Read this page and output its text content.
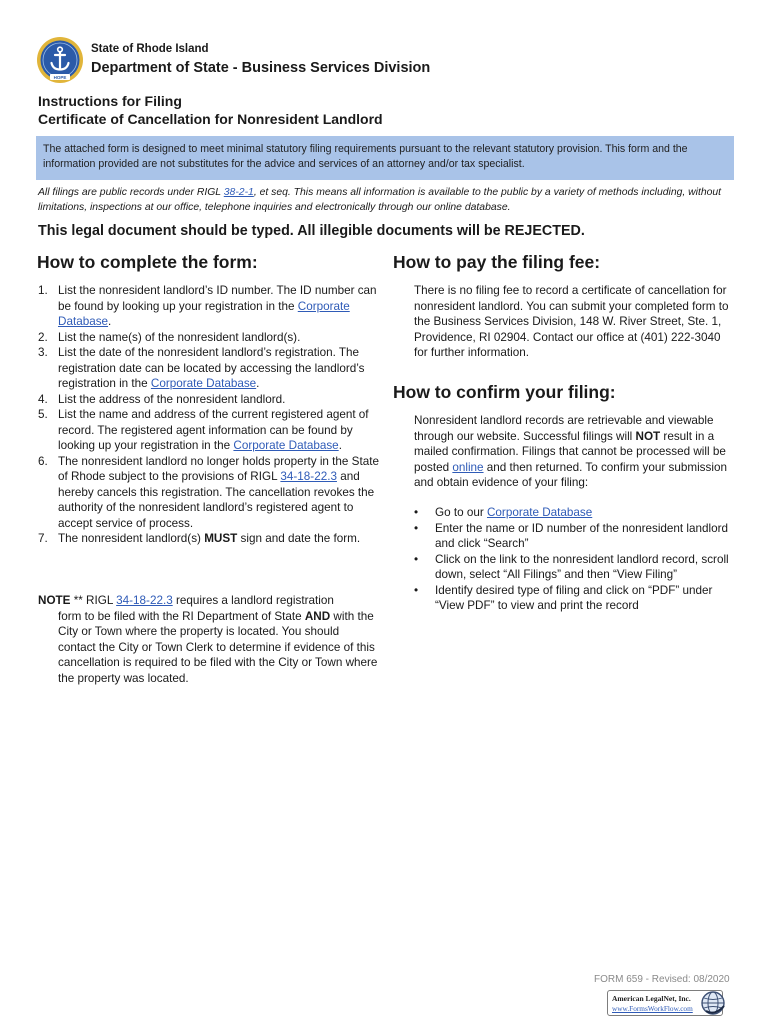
HOPE
State of Rhode Island
Department of State - Business Services Division
Instructions for Filing
Certificate of Cancellation for Nonresident Landlord
The attached form is designed to meet minimal statutory filing requirements pursuant to the relevant statutory provision. This form and the information provided are not substitutes for the advice and services of an attorney and/or tax specialist.
All filings are public records under RIGL 38-2-1, et seq. This means all information is available to the public by a variety of methods including, without limitations, inspections at our office, telephone inquiries and electronically through our online database.
This legal document should be typed. All illegible documents will be REJECTED.
How to complete the form:
1. List the nonresident landlord’s ID number. The ID number can be found by looking up your registration in the Corporate Database.
2. List the name(s) of the nonresident landlord(s).
3. List the date of the nonresident landlord’s registration. The registration date can be located by accessing the landlord’s registration in the Corporate Database.
4. List the address of the nonresident landlord.
5. List the name and address of the current registered agent of record. The registered agent information can be found by looking up your registration in the Corporate Database.
6. The nonresident landlord no longer holds property in the State of Rhode subject to the provisions of RIGL 34-18-22.3 and hereby cancels this registration. The cancellation revokes the authority of the nonresident landlord’s registered agent to accept service of process.
7. The nonresident landlord(s) MUST sign and date the form.
NOTE ** RIGL 34-18-22.3 requires a landlord registration
form to be filed with the RI Department of State AND with the City or Town where the property is located. You should contact the City or Town Clerk to determine if evidence of this cancellation is required to be filed with the City or Town where the property was located.
How to pay the filing fee:
There is no filing fee to record a certificate of cancellation for nonresident landlord. You can submit your completed form to the Business Services Division, 148 W. River Street, Ste. 1, Providence, RI 02904. Contact our office at (401) 222-3040 for further information.
How to confirm your filing:
Nonresident landlord records are retrievable and viewable through our website. Successful filings will NOT result in a mailed confirmation. Filings that cannot be processed will be posted online and then returned. To confirm your submission and obtain evidence of your filing:
• Go to our Corporate Database
• Enter the name or ID number of the nonresident landlord and click “Search”
• Click on the link to the nonresident landlord record, scroll down, select “All Filings” and then “View Filing”
• Identify desired type of filing and click on “PDF” under “View PDF” to view and print the record
FORM 659 - Revised: 08/2020
American LegalNet, Inc.
www.FormsWorkFlow.com
